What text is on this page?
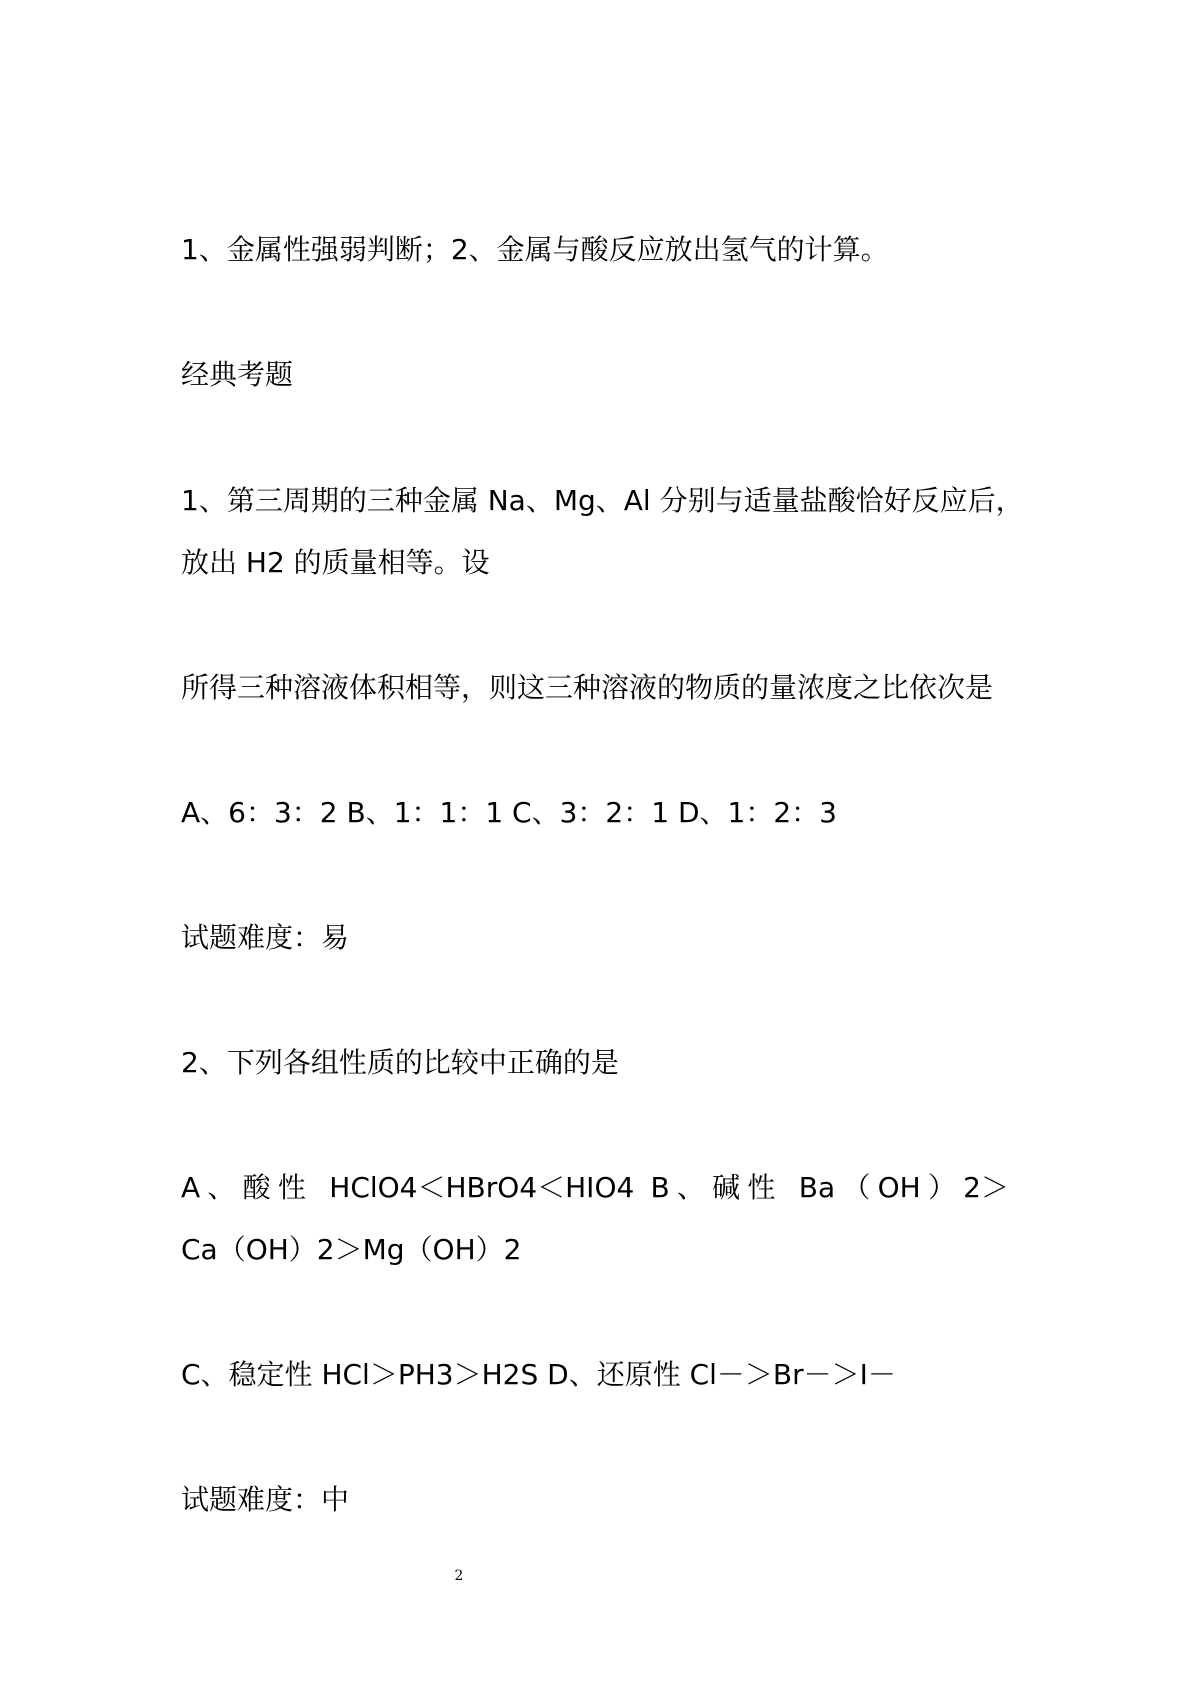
1、金属性强弱判断；2、金属与酸反应放出氢气的计算。

经典考题

1、第三周期的三种金属 Na、Mg、Al 分别与适量盐酸恰好反应后，

放出 H2 的质量相等。设

所得三种溶液体积相等，则这三种溶液的物质的量浓度之比依次是

A、6：3：2 B、1：1：1 C、3：2：1 D、1：2：3

试题难度：易

2、下列各组性质的比较中正确的是

A、酸性 HClO4＜HBrO4＜HIO4 B、碱性 Ba（OH）2＞

Ca（OH）2＞Mg（OH）2

C、稳定性 HCl＞PH3＞H2S D、还原性 Cl－＞Br－＞I－

试题难度：中

2
